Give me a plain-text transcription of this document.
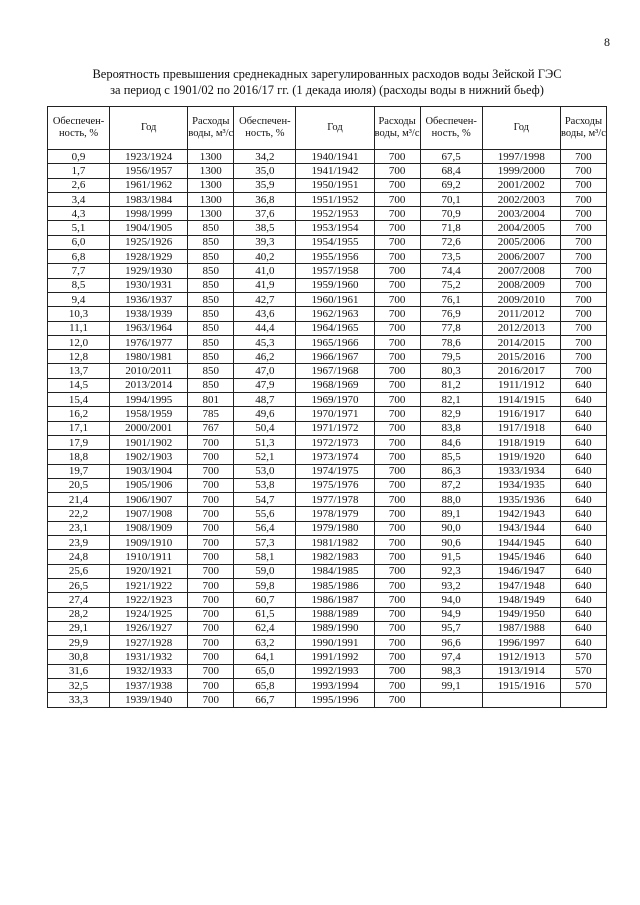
8
Вероятность превышения среднекадных зарегулированных расходов воды Зейской ГЭС
за период с 1901/02 по 2016/17 гг. (1 декада июля) (расходы воды в нижний бьеф)
Обеспечен-ность, %	Год	Расходы воды, м³/с	Обеспечен-ность, %	Год	Расходы воды, м³/с	Обеспечен-ность, %	Год	Расходы воды, м³/с
0,9	1923/1924	1300	34,2	1940/1941	700	67,5	1997/1998	700
1,7	1956/1957	1300	35,0	1941/1942	700	68,4	1999/2000	700
2,6	1961/1962	1300	35,9	1950/1951	700	69,2	2001/2002	700
3,4	1983/1984	1300	36,8	1951/1952	700	70,1	2002/2003	700
4,3	1998/1999	1300	37,6	1952/1953	700	70,9	2003/2004	700
5,1	1904/1905	850	38,5	1953/1954	700	71,8	2004/2005	700
6,0	1925/1926	850	39,3	1954/1955	700	72,6	2005/2006	700
6,8	1928/1929	850	40,2	1955/1956	700	73,5	2006/2007	700
7,7	1929/1930	850	41,0	1957/1958	700	74,4	2007/2008	700
8,5	1930/1931	850	41,9	1959/1960	700	75,2	2008/2009	700
9,4	1936/1937	850	42,7	1960/1961	700	76,1	2009/2010	700
10,3	1938/1939	850	43,6	1962/1963	700	76,9	2011/2012	700
11,1	1963/1964	850	44,4	1964/1965	700	77,8	2012/2013	700
12,0	1976/1977	850	45,3	1965/1966	700	78,6	2014/2015	700
12,8	1980/1981	850	46,2	1966/1967	700	79,5	2015/2016	700
13,7	2010/2011	850	47,0	1967/1968	700	80,3	2016/2017	700
14,5	2013/2014	850	47,9	1968/1969	700	81,2	1911/1912	640
15,4	1994/1995	801	48,7	1969/1970	700	82,1	1914/1915	640
16,2	1958/1959	785	49,6	1970/1971	700	82,9	1916/1917	640
17,1	2000/2001	767	50,4	1971/1972	700	83,8	1917/1918	640
17,9	1901/1902	700	51,3	1972/1973	700	84,6	1918/1919	640
18,8	1902/1903	700	52,1	1973/1974	700	85,5	1919/1920	640
19,7	1903/1904	700	53,0	1974/1975	700	86,3	1933/1934	640
20,5	1905/1906	700	53,8	1975/1976	700	87,2	1934/1935	640
21,4	1906/1907	700	54,7	1977/1978	700	88,0	1935/1936	640
22,2	1907/1908	700	55,6	1978/1979	700	89,1	1942/1943	640
23,1	1908/1909	700	56,4	1979/1980	700	90,0	1943/1944	640
23,9	1909/1910	700	57,3	1981/1982	700	90,6	1944/1945	640
24,8	1910/1911	700	58,1	1982/1983	700	91,5	1945/1946	640
25,6	1920/1921	700	59,0	1984/1985	700	92,3	1946/1947	640
26,5	1921/1922	700	59,8	1985/1986	700	93,2	1947/1948	640
27,4	1922/1923	700	60,7	1986/1987	700	94,0	1948/1949	640
28,2	1924/1925	700	61,5	1988/1989	700	94,9	1949/1950	640
29,1	1926/1927	700	62,4	1989/1990	700	95,7	1987/1988	640
29,9	1927/1928	700	63,2	1990/1991	700	96,6	1996/1997	640
30,8	1931/1932	700	64,1	1991/1992	700	97,4	1912/1913	570
31,6	1932/1933	700	65,0	1992/1993	700	98,3	1913/1914	570
32,5	1937/1938	700	65,8	1993/1994	700	99,1	1915/1916	570
33,3	1939/1940	700	66,7	1995/1996	700			
